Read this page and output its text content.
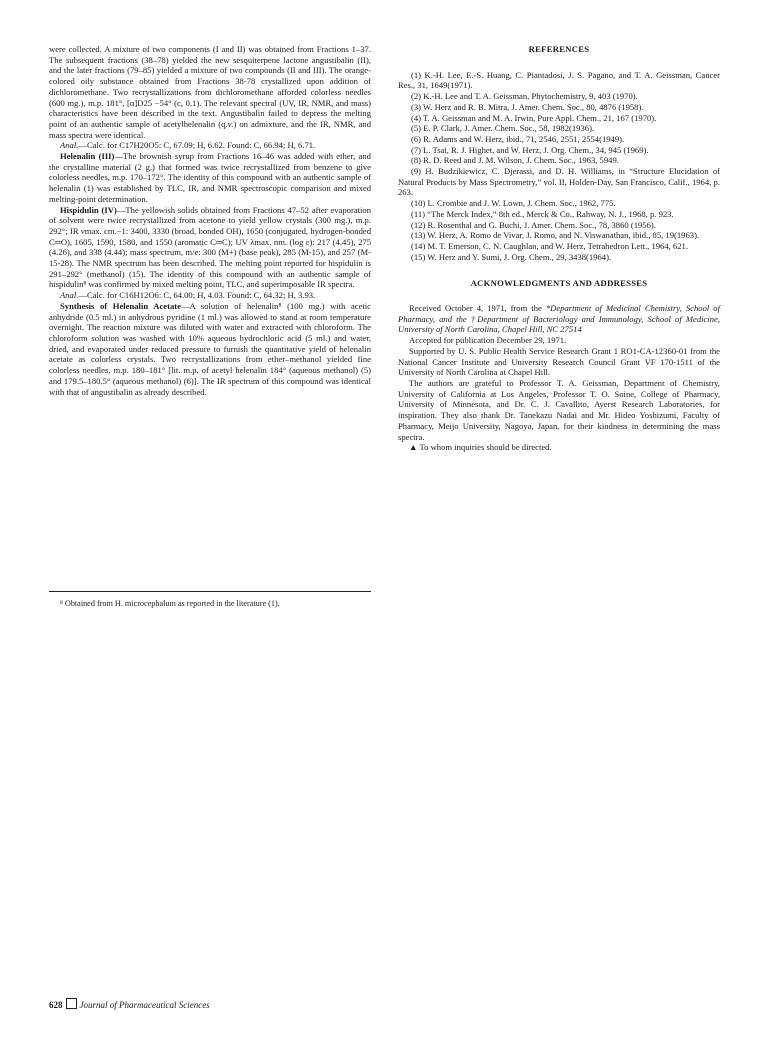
were collected. A mixture of two components (I and II) was obtained from Fractions 1–37. The subsequent fractions (38–78) yielded the new sesquiterpene lactone angustibalin (II), and the later fractions (79–85) yielded a mixture of two compounds (II and III). The orange-colored oily substance obtained from Fractions 38-78 crystallized upon addition of dichloromethane. Two recrystallizations from dichloromethane afforded colorless needles (600 mg.), m.p. 181°, [α]D25 −54° (c, 0.1). The relevant spectral (UV, IR, NMR, and mass) characteristics have been described in the text. Angustibalin failed to depress the melting point of an authentic sample of acetylhelenalin (q.v.) on admixture, and the IR, NMR, and mass spectra were identical.

Anal.—Calc. for C17H20O5: C, 67.09; H, 6.62. Found: C, 66.94; H, 6.71.

Helenalin (III)—The brownish syrup from Fractions 16–46 was added with ether, and the crystalline material (2 g.) that formed was twice recrystallized from benzene to give colorless needles, m.p. 170–172°. The identity of this compound with an authentic sample of helenalin (1) was established by TLC, IR, and NMR spectroscopic comparison and mixed melting-point determination.

Hispidulin (IV)—The yellowish solids obtained from Fractions 47–52 after evaporation of solvent were twice recrystallized from acetone to yield yellow crystals (300 mg.), m.p. 292°; IR νmax. cm.−1: 3400, 3330 (broad, bonded OH), 1650 (conjugated, hydrogen-bonded C═O), 1605, 1590, 1580, and 1550 (aromatic C═C); UV λmax. nm. (log ε): 217 (4.45), 275 (4.26), and 338 (4.44); mass spectrum, m/e: 300 (M+) (base peak), 285 (M-15), and 257 (M-15-28). The NMR spectrum has been described. The melting point reported for hispidulin is 291–292° (methanol) (15). The identity of this compound with an authentic sample of hispidulin⁸ was confirmed by mixed melting point, TLC, and superimposable IR spectra.

Anal.—Calc. for C16H12O6: C, 64.00; H, 4.03. Found: C, 64.32; H, 3.93.

Synthesis of Helenalin Acetate—A solution of helenalin⁸ (100 mg.) with acetic anhydride (0.5 ml.) in anhydrous pyridine (1 ml.) was allowed to stand at room temperature overnight. The reaction mixture was diluted with water and extracted with chloroform. The chloroform solution was washed with 10% aqueous hydrochloric acid (5 ml.) and water, dried, and evaporated under reduced pressure to furnish the quantitative yield of helenalin acetate as colorless crystals. Two recrystallizations from ether–methanol yielded fine colorless needles, m.p. 180–181° [lit. m.p. of acetyl helenalin 184° (aqueous methanol) (5) and 179.5–180.5° (aqueous methanol) (6)]. The IR spectrum of this compound was identical with that of angustibalin as already described.

⁸ Obtained from H. microcephalum as reported in the literature (1).

REFERENCES

(1) K.-H. Lee, E.-S. Huang, C. Piantadosi, J. S. Pagano, and T. A. Geissman, Cancer Res., 31, 1649(1971).

(2) K.-H. Lee and T. A. Geissman, Phytochemistry, 9, 403 (1970).

(3) W. Herz and R. B. Mitra, J. Amer. Chem. Soc., 80, 4876 (1958).

(4) T. A. Geissman and M. A. Irwin, Pure Appl. Chem., 21, 167 (1970).

(5) E. P. Clark, J. Amer. Chem. Soc., 58, 1982(1936).

(6) R. Adams and W. Herz, ibid., 71, 2546, 2551, 2554(1949).

(7) L. Tsai, R. J. Highet, and W. Herz, J. Org. Chem., 34, 945 (1969).

(8) R. D. Reed and J. M. Wilson, J. Chem. Soc., 1963, 5949.

(9) H. Budzikiewicz, C. Djerassi, and D. H. Williams, in “Structure Elucidation of Natural Products by Mass Spectrometry,” vol. II, Holden-Day, San Francisco, Calif., 1964, p. 263.

(10) L. Crombie and J. W. Lown, J. Chem. Soc., 1962, 775.

(11) “The Merck Index,” 8th ed., Merck & Co., Rahway, N. J., 1968, p. 923.

(12) R. Rosenthal and G. Buchi, J. Amer. Chem. Soc., 78, 3860 (1956).

(13) W. Herz, A. Romo de Vivar, J. Romo, and N. Viswanathan, ibid., 85, 19(1963).

(14) M. T. Emerson, C. N. Caughlan, and W. Herz, Tetrahedron Lett., 1964, 621.

(15) W. Herz and Y. Sumi, J. Org. Chem., 29, 3438(1964).

ACKNOWLEDGMENTS AND ADDRESSES

Received October 4, 1971, from the *Department of Medicinal Chemistry, School of Pharmacy, and the †Department of Bacteriology and Immunology, School of Medicine, University of North Carolina, Chapel Hill, NC 27514

Accepted for publication December 29, 1971.

Supported by U. S. Public Health Service Research Grant 1 RO1-CA-12360-01 from the National Cancer Institute and University Research Council Grant VF 170-1511 of the University of North Carolina at Chapel Hill.

The authors are grateful to Professor T. A. Geissman, Department of Chemistry, University of California at Los Angeles, Professor T. O. Soine, College of Pharmacy, University of Minnesota, and Dr. C. J. Cavallito, Ayerst Research Laboratories, for inspiration. They also thank Dr. Tanekazu Nadai and Mr. Hideo Yoshizumi, Faculty of Pharmacy, Meijo University, Nagoya, Japan, for their kindness in determining the mass spectra.

▲ To whom inquiries should be directed.

628 Journal of Pharmaceutical Sciences
